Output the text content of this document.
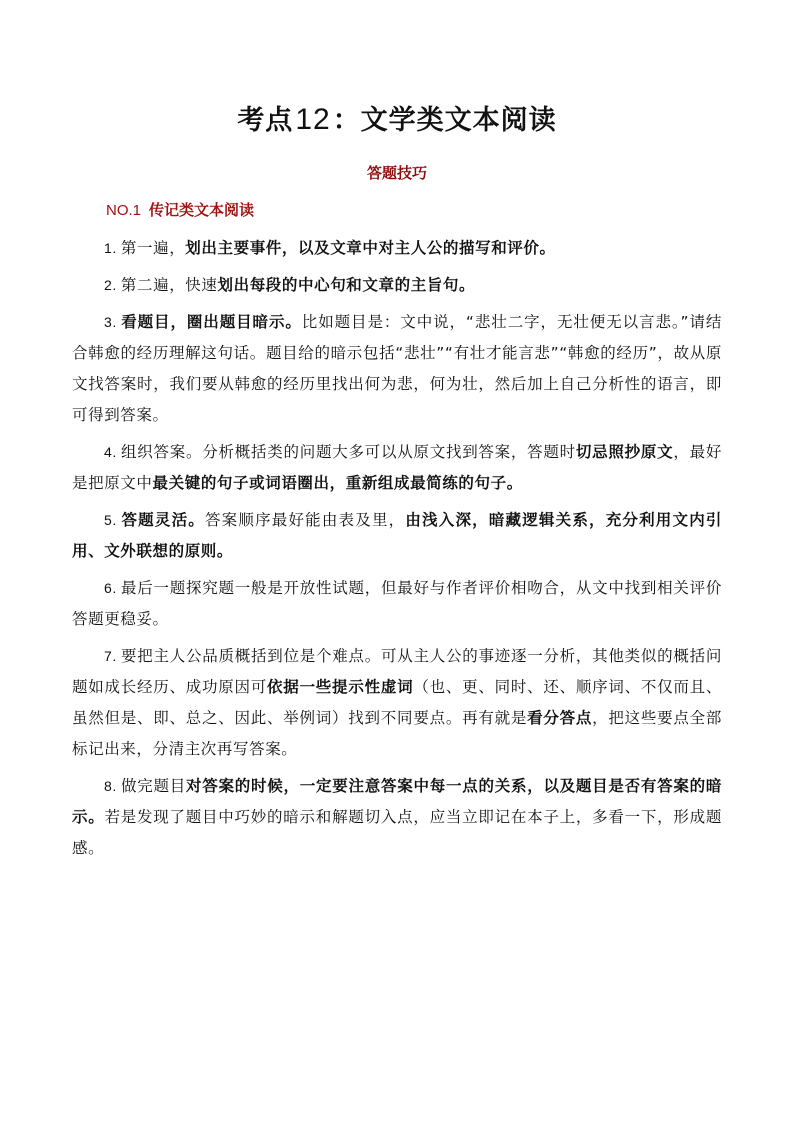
考点12：文学类文本阅读
答题技巧
NO.1 传记类文本阅读

1. 第一遍，划出主要事件，以及文章中对主人公的描写和评价。

2. 第二遍，快速划出每段的中心句和文章的主旨句。

3. 看题目，圈出题目暗示。比如题目是：文中说，“悲壮二字，无壮便无以言悲。”请结合韩愈的经历理解这句话。题目给的暗示包括“悲壮”“有壮才能言悲”“韩愈的经历”，故从原文找答案时，我们要从韩愈的经历里找出何为悲，何为壮，然后加上自己分析性的语言，即可得到答案。

4. 组织答案。分析概括类的问题大多可以从原文找到答案，答题时切忌照抄原文，最好是把原文中最关键的句子或词语圈出，重新组成最简练的句子。

5. 答题灵活。答案顺序最好能由表及里，由浅入深，暗藏逻辑关系，充分利用文内引用、文外联想的原则。

6. 最后一题探究题一般是开放性试题，但最好与作者评价相吻合，从文中找到相关评价答题更稳妥。

7. 要把主人公品质概括到位是个难点。可从主人公的事迹逐一分析，其他类似的概括问题如成长经历、成功原因可依据一些提示性虚词（也、更、同时、还、顺序词、不仅而且、虽然但是、即、总之、因此、举例词）找到不同要点。再有就是看分答点，把这些要点全部标记出来，分清主次再写答案。

8. 做完题目对答案的时候，一定要注意答案中每一点的关系，以及题目是否有答案的暗示。若是发现了题目中巧妙的暗示和解题切入点，应当立即记在本子上，多看一下，形成题感。
